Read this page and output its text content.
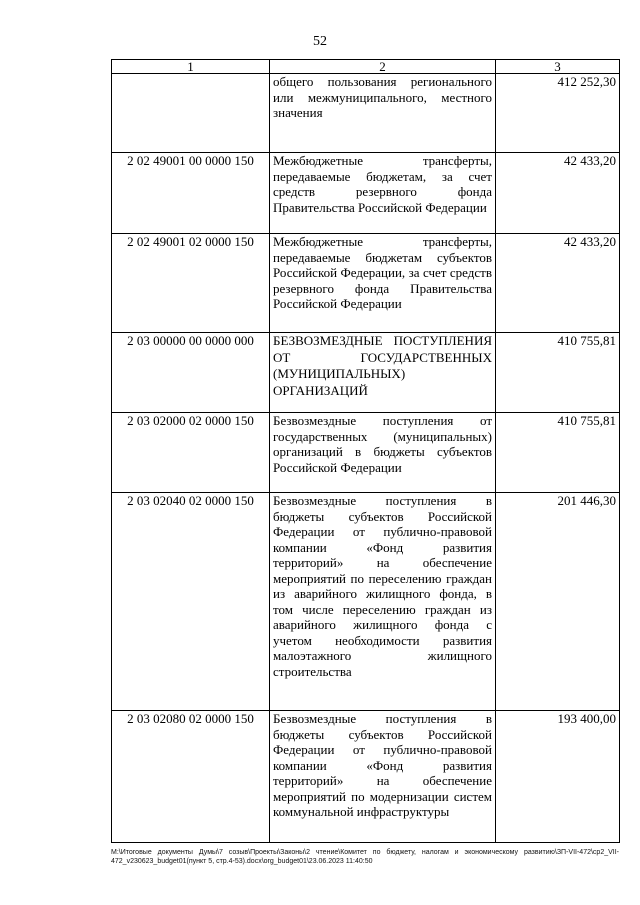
52
1	2	3
	общего пользования регионального или межмуниципального, местного значения	412 252,30
2 02 49001 00 0000 150	Межбюджетные трансферты, передаваемые бюджетам, за счет средств резервного фонда Правительства Российской Федерации	42 433,20
2 02 49001 02 0000 150	Межбюджетные трансферты, передаваемые бюджетам субъектов Российской Федерации, за счет средств резервного фонда Правительства Российской Федерации	42 433,20
2 03 00000 00 0000 000	БЕЗВОЗМЕЗДНЫЕ ПОСТУПЛЕНИЯ ОТ ГОСУДАРСТВЕННЫХ (МУНИЦИПАЛЬНЫХ) ОРГАНИЗАЦИЙ	410 755,81
2 03 02000 02 0000 150	Безвозмездные поступления от государственных (муниципальных) организаций в бюджеты субъектов Российской Федерации	410 755,81
2 03 02040 02 0000 150	Безвозмездные поступления в бюджеты субъектов Российской Федерации от публично-правовой компании «Фонд развития территорий» на обеспечение мероприятий по переселению граждан из аварийного жилищного фонда, в том числе переселению граждан из аварийного жилищного фонда с учетом необходимости развития малоэтажного жилищного строительства	201 446,30
2 03 02080 02 0000 150	Безвозмездные поступления в бюджеты субъектов Российской Федерации от публично-правовой компании «Фонд развития территорий» на обеспечение мероприятий по модернизации систем коммунальной инфраструктуры	193 400,00
M:\Итоговые документы Думы\7 созыв\Проекты\Законы\2 чтение\Комитет по бюджету, налогам и экономическому развитию\ЗП-VII-472\ср2_VII-472_v230623_budget01(пункт 5, стр.4-53).docx\org_budget01\23.06.2023 11:40:50
